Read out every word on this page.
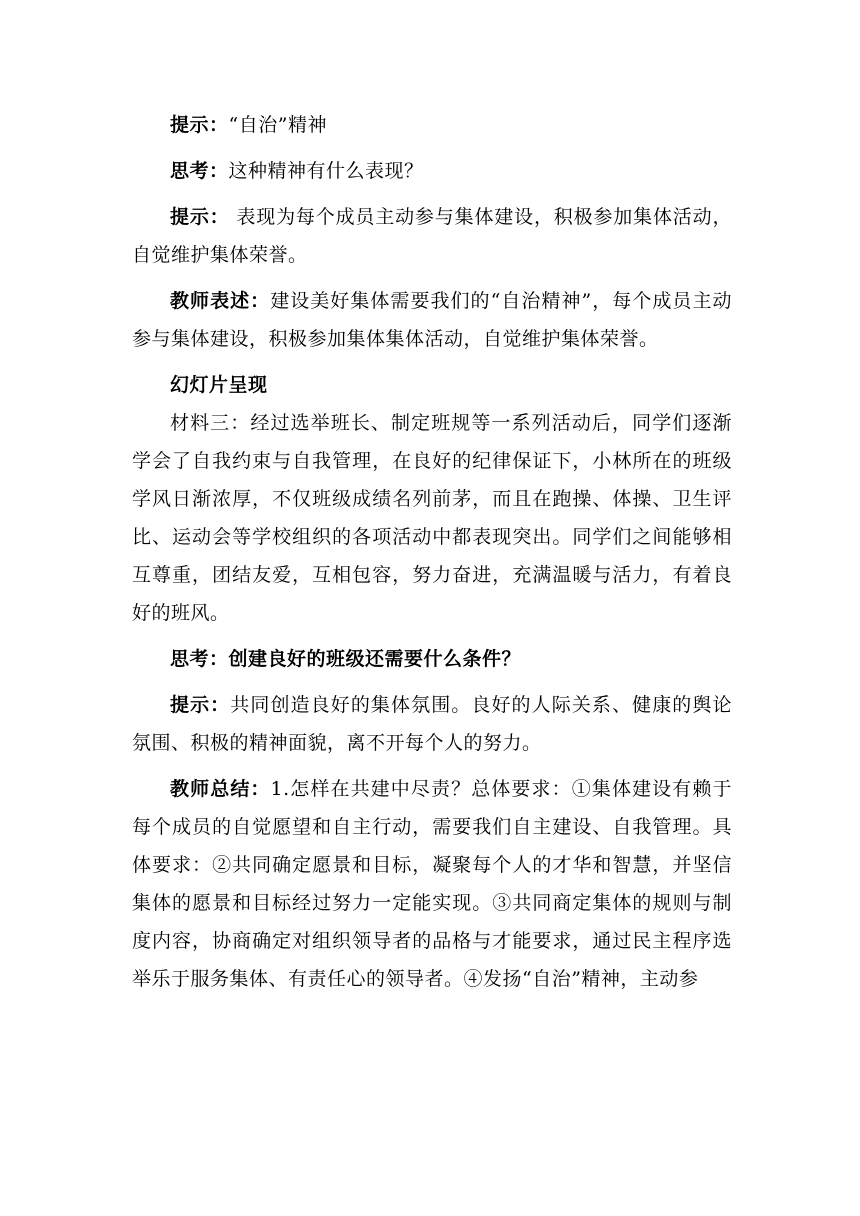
提示：“自治”精神

思考：这种精神有什么表现？

提示： 表现为每个成员主动参与集体建设，积极参加集体活动，自觉维护集体荣誉。

教师表述：建设美好集体需要我们的“自治精神”，每个成员主动参与集体建设，积极参加集体集体活动，自觉维护集体荣誉。

幻灯片呈现

材料三：经过选举班长、制定班规等一系列活动后，同学们逐渐学会了自我约束与自我管理，在良好的纪律保证下，小林所在的班级学风日渐浓厚，不仅班级成绩名列前茅，而且在跑操、体操、卫生评比、运动会等学校组织的各项活动中都表现突出。同学们之间能够相互尊重，团结友爱，互相包容，努力奋进，充满温暖与活力，有着良好的班风。

思考：创建良好的班级还需要什么条件？

提示：共同创造良好的集体氛围。良好的人际关系、健康的舆论氛围、积极的精神面貌，离不开每个人的努力。

教师总结：1.怎样在共建中尽责？总体要求：①集体建设有赖于每个成员的自觉愿望和自主行动，需要我们自主建设、自我管理。具体要求：②共同确定愿景和目标，凝聚每个人的才华和智慧，并坚信集体的愿景和目标经过努力一定能实现。③共同商定集体的规则与制度内容，协商确定对组织领导者的品格与才能要求，通过民主程序选举乐于服务集体、有责任心的领导者。④发扬“自治”精神，主动参
